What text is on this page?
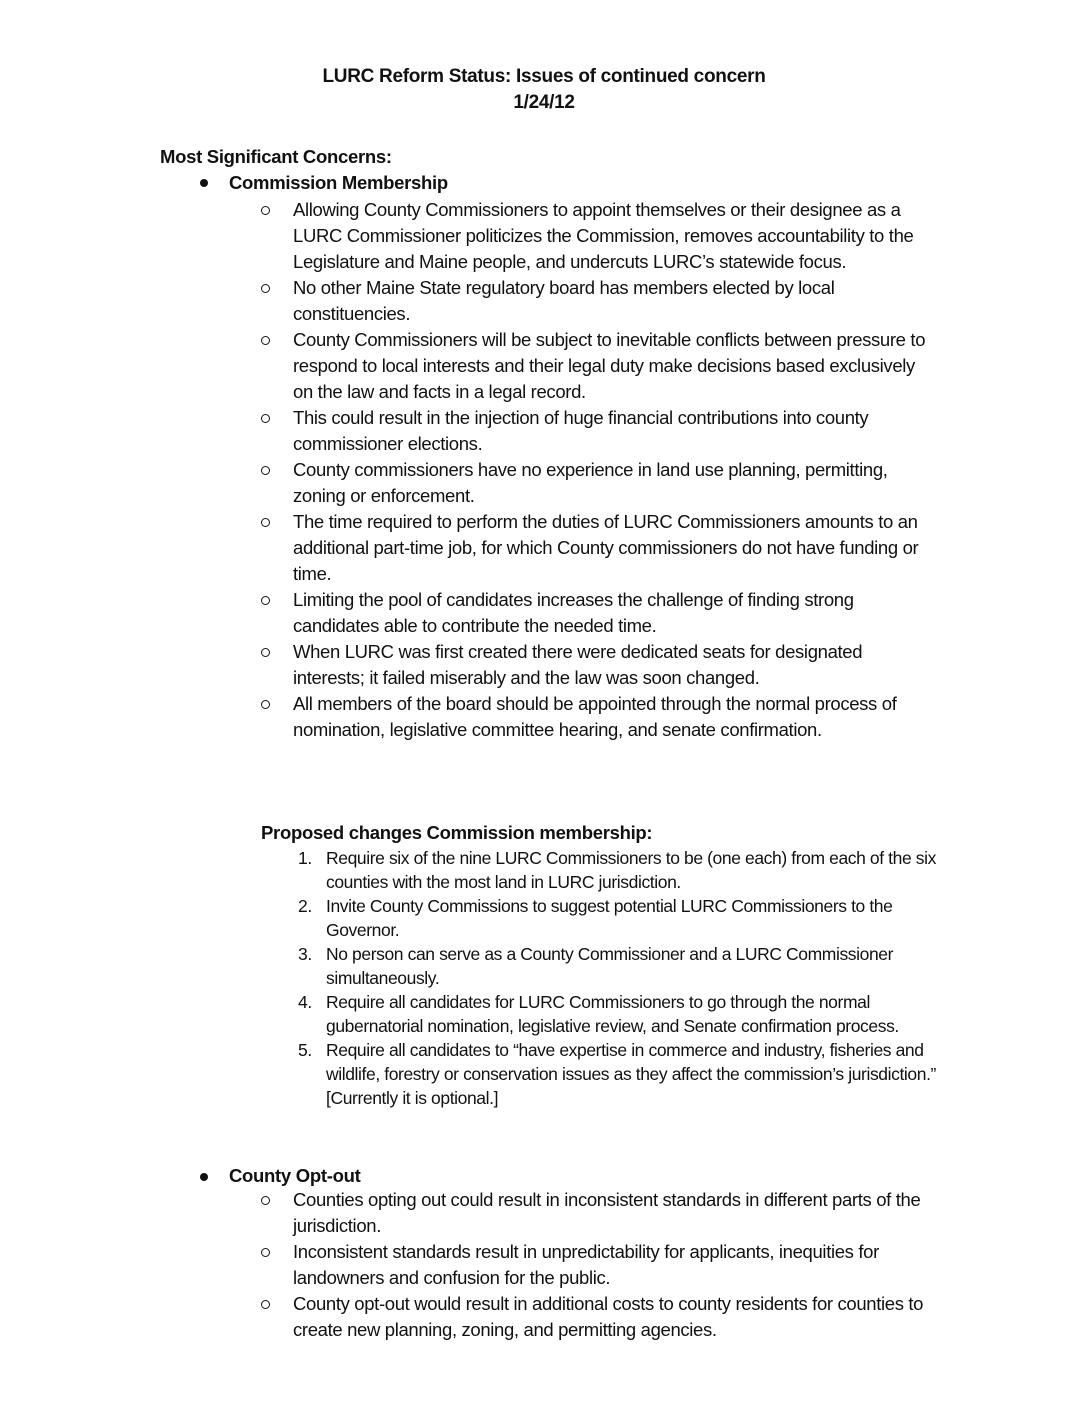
LURC Reform Status: Issues of continued concern
1/24/12
Most Significant Concerns:
Commission Membership
Allowing County Commissioners to appoint themselves or their designee as a LURC Commissioner politicizes the Commission, removes accountability to the Legislature and Maine people, and undercuts LURC’s statewide focus.
No other Maine State regulatory board has members elected by local constituencies.
County Commissioners will be subject to inevitable conflicts between pressure to respond to local interests and their legal duty make decisions based exclusively on the law and facts in a legal record.
This could result in the injection of huge financial contributions into county commissioner elections.
County commissioners have no experience in land use planning, permitting, zoning or enforcement.
The time required to perform the duties of LURC Commissioners amounts to an additional part-time job, for which County commissioners do not have funding or time.
Limiting the pool of candidates increases the challenge of finding strong candidates able to contribute the needed time.
When LURC was first created there were dedicated seats for designated interests; it failed miserably and the law was soon changed.
All members of the board should be appointed through the normal process of nomination, legislative committee hearing, and senate confirmation.
Proposed changes Commission membership:
1. Require six of the nine LURC Commissioners to be (one each) from each of the six counties with the most land in LURC jurisdiction.
2. Invite County Commissions to suggest potential LURC Commissioners to the Governor.
3. No person can serve as a County Commissioner and a LURC Commissioner simultaneously.
4. Require all candidates for LURC Commissioners to go through the normal gubernatorial nomination, legislative review, and Senate confirmation process.
5. Require all candidates to “have expertise in commerce and industry, fisheries and wildlife, forestry or conservation issues as they affect the commission’s jurisdiction.” [Currently it is optional.]
County Opt-out
Counties opting out could result in inconsistent standards in different parts of the jurisdiction.
Inconsistent standards result in unpredictability for applicants, inequities for landowners and confusion for the public.
County opt-out would result in additional costs to county residents for counties to create new planning, zoning, and permitting agencies.
